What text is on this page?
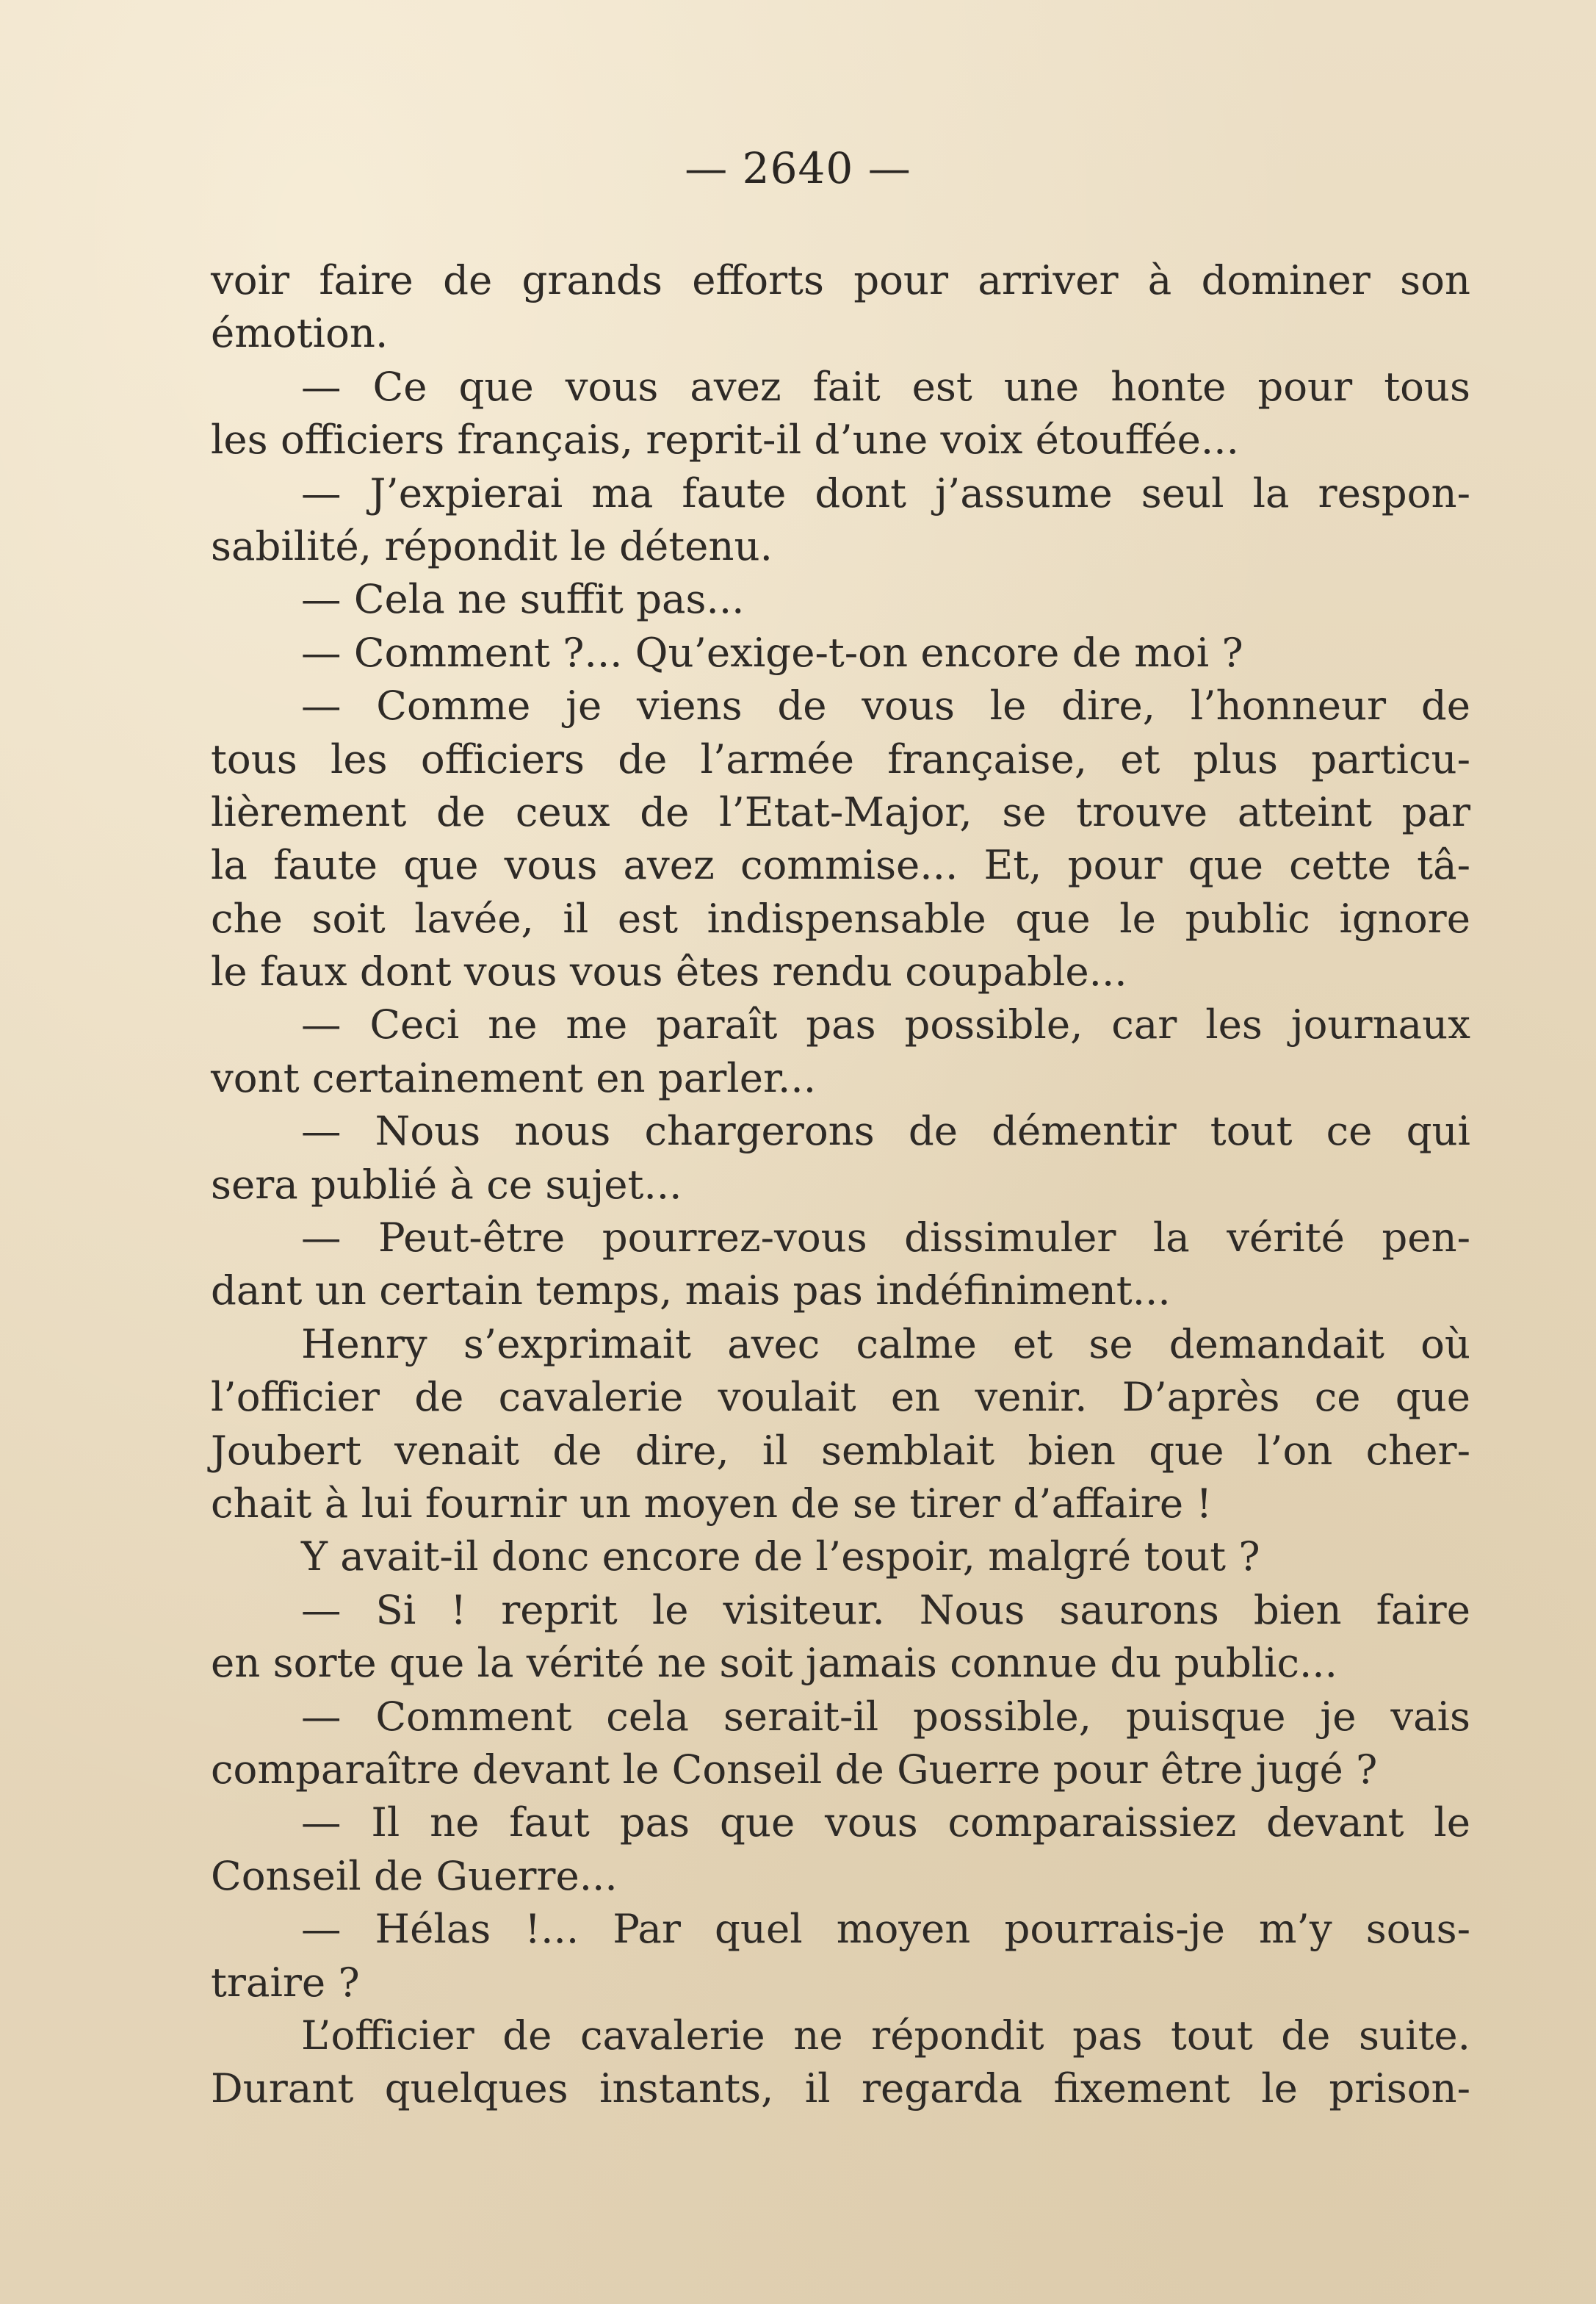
— 2640 —
voir faire de grands efforts pour arriver à dominer son
émotion.
— Ce que vous avez fait est une honte pour tous
les officiers français, reprit-il d’une voix étouffée...
— J’expierai ma faute dont j’assume seul la respon-
sabilité, répondit le détenu.
— Cela ne suffit pas...
— Comment ?... Qu’exige-t-on encore de moi ?
— Comme je viens de vous le dire, l’honneur de
tous les officiers de l’armée française, et plus particu-
lièrement de ceux de l’Etat-Major, se trouve atteint par
la faute que vous avez commise... Et, pour que cette tâ-
che soit lavée, il est indispensable que le public ignore
le faux dont vous vous êtes rendu coupable...
— Ceci ne me paraît pas possible, car les journaux
vont certainement en parler...
— Nous nous chargerons de démentir tout ce qui
sera publié à ce sujet...
— Peut-être pourrez-vous dissimuler la vérité pen-
dant un certain temps, mais pas indéfiniment...
Henry s’exprimait avec calme et se demandait où
l’officier de cavalerie voulait en venir. D’après ce que
Joubert venait de dire, il semblait bien que l’on cher-
chait à lui fournir un moyen de se tirer d’affaire !
Y avait-il donc encore de l’espoir, malgré tout ?
— Si ! reprit le visiteur. Nous saurons bien faire
en sorte que la vérité ne soit jamais connue du public...
— Comment cela serait-il possible, puisque je vais
comparaître devant le Conseil de Guerre pour être jugé ?
— Il ne faut pas que vous comparaissiez devant le
Conseil de Guerre...
— Hélas !... Par quel moyen pourrais-je m’y sous-
traire ?
L’officier de cavalerie ne répondit pas tout de suite.
Durant quelques instants, il regarda fixement le prison-
